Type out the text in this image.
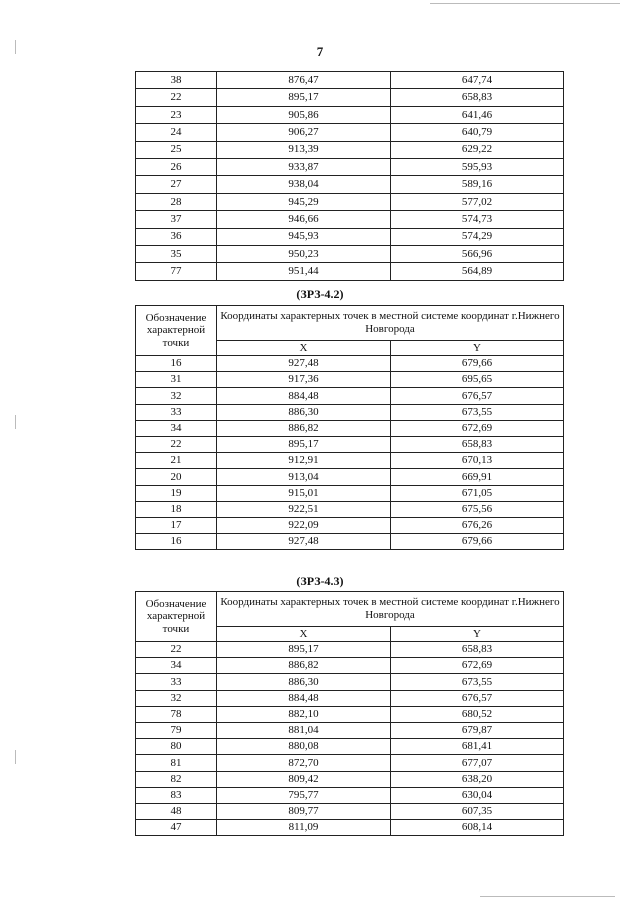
7
38	876,47	647,74
22	895,17	658,83
23	905,86	641,46
24	906,27	640,79
25	913,39	629,22
26	933,87	595,93
27	938,04	589,16
28	945,29	577,02
37	946,66	574,73
36	945,93	574,29
35	950,23	566,96
77	951,44	564,89
(ЗРЗ-4.2)
Обозначение характерной точки	Координаты характерных точек в местной системе координат г.Нижнего Новгорода	
	X	Y
16	927,48	679,66
31	917,36	695,65
32	884,48	676,57
33	886,30	673,55
34	886,82	672,69
22	895,17	658,83
21	912,91	670,13
20	913,04	669,91
19	915,01	671,05
18	922,51	675,56
17	922,09	676,26
16	927,48	679,66
(ЗРЗ-4.3)
Обозначение характерной точки	Координаты характерных точек в местной системе координат г.Нижнего Новгорода	
	X	Y
22	895,17	658,83
34	886,82	672,69
33	886,30	673,55
32	884,48	676,57
78	882,10	680,52
79	881,04	679,87
80	880,08	681,41
81	872,70	677,07
82	809,42	638,20
83	795,77	630,04
48	809,77	607,35
47	811,09	608,14
